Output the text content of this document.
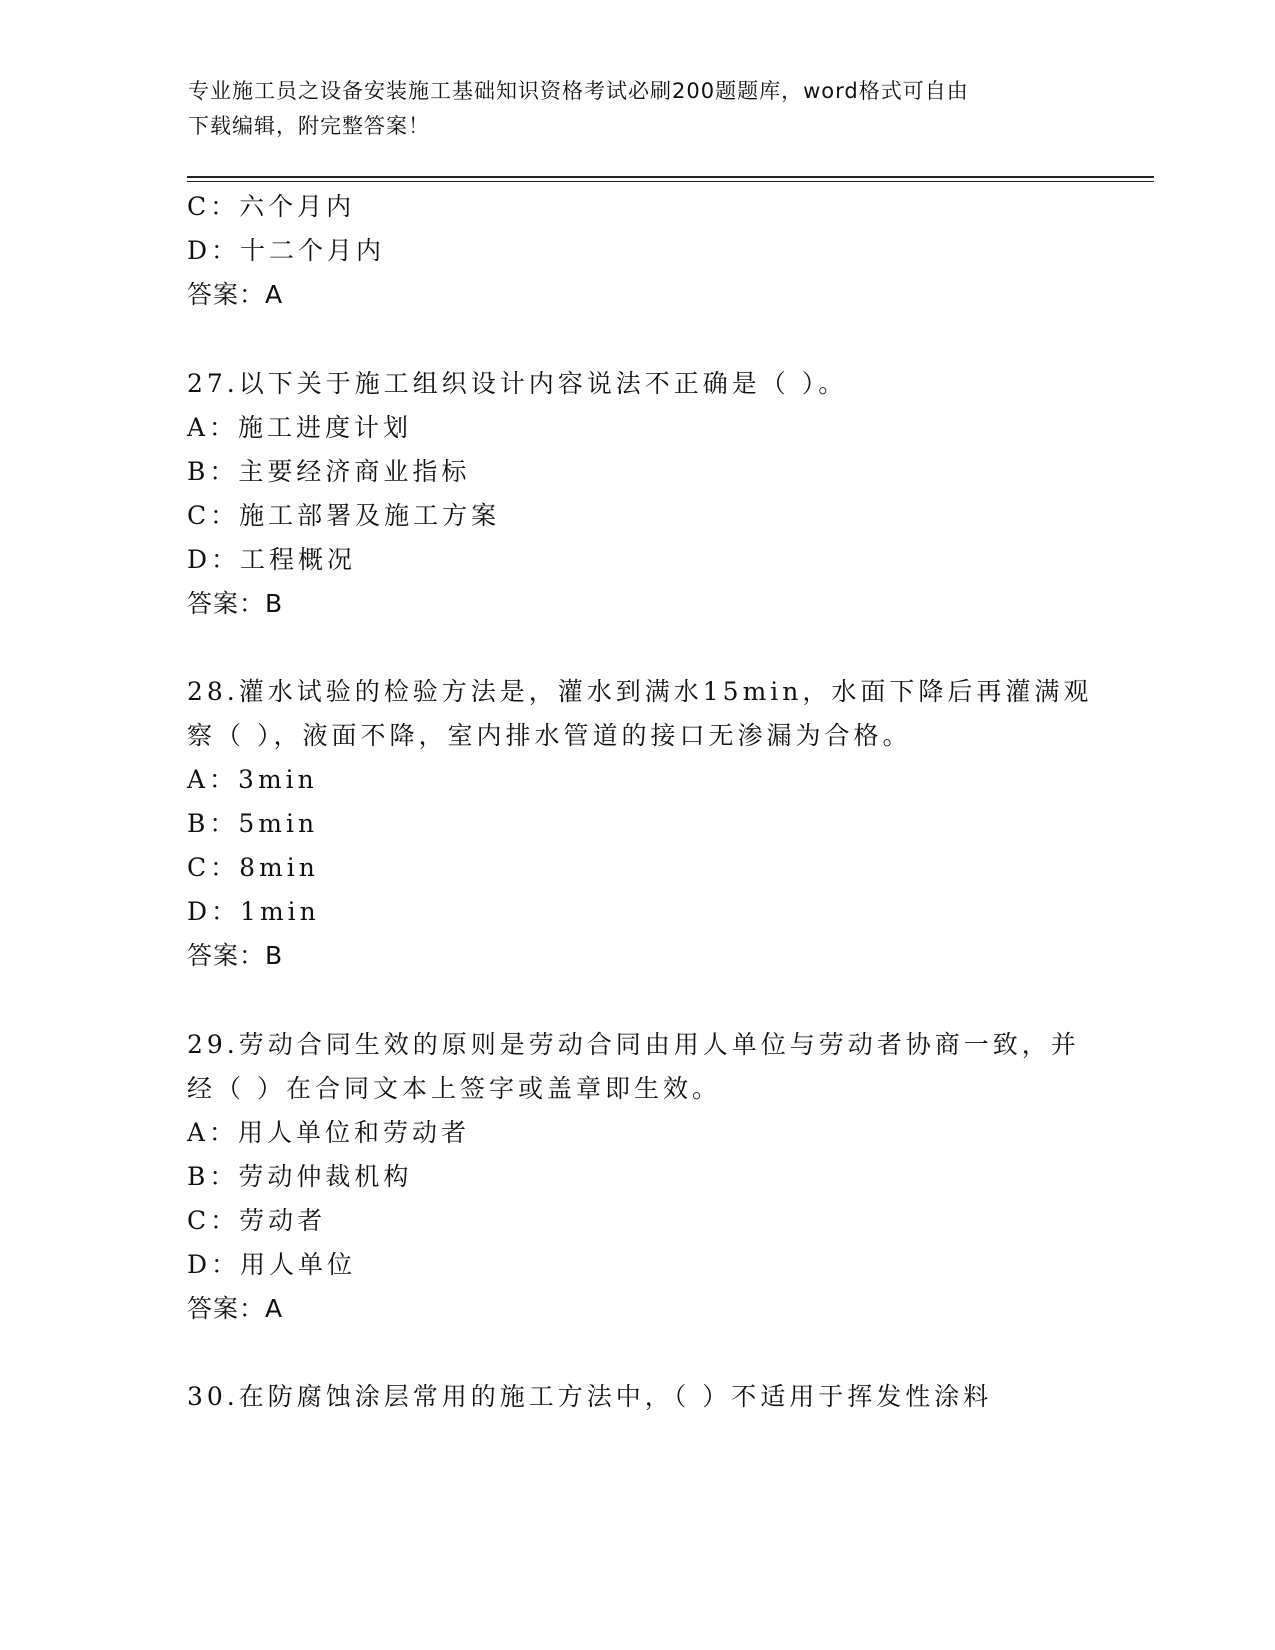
专业施工员之设备安装施工基础知识资格考试必刷200题题库，word格式可自由
下载编辑，附完整答案！
C：六个月内
D：十二个月内
答案：A
27.以下关于施工组织设计内容说法不正确是（ ）。
A：施工进度计划
B：主要经济商业指标
C：施工部署及施工方案
D：工程概况
答案：B
28.灌水试验的检验方法是，灌水到满水15min，水面下降后再灌满观
察（ ），液面不降，室内排水管道的接口无渗漏为合格。
A：3min
B：5min
C：8min
D：1min
答案：B
29.劳动合同生效的原则是劳动合同由用人单位与劳动者协商一致，并
经（ ）在合同文本上签字或盖章即生效。
A：用人单位和劳动者
B：劳动仲裁机构
C：劳动者
D：用人单位
答案：A
30.在防腐蚀涂层常用的施工方法中，（ ）不适用于挥发性涂料
